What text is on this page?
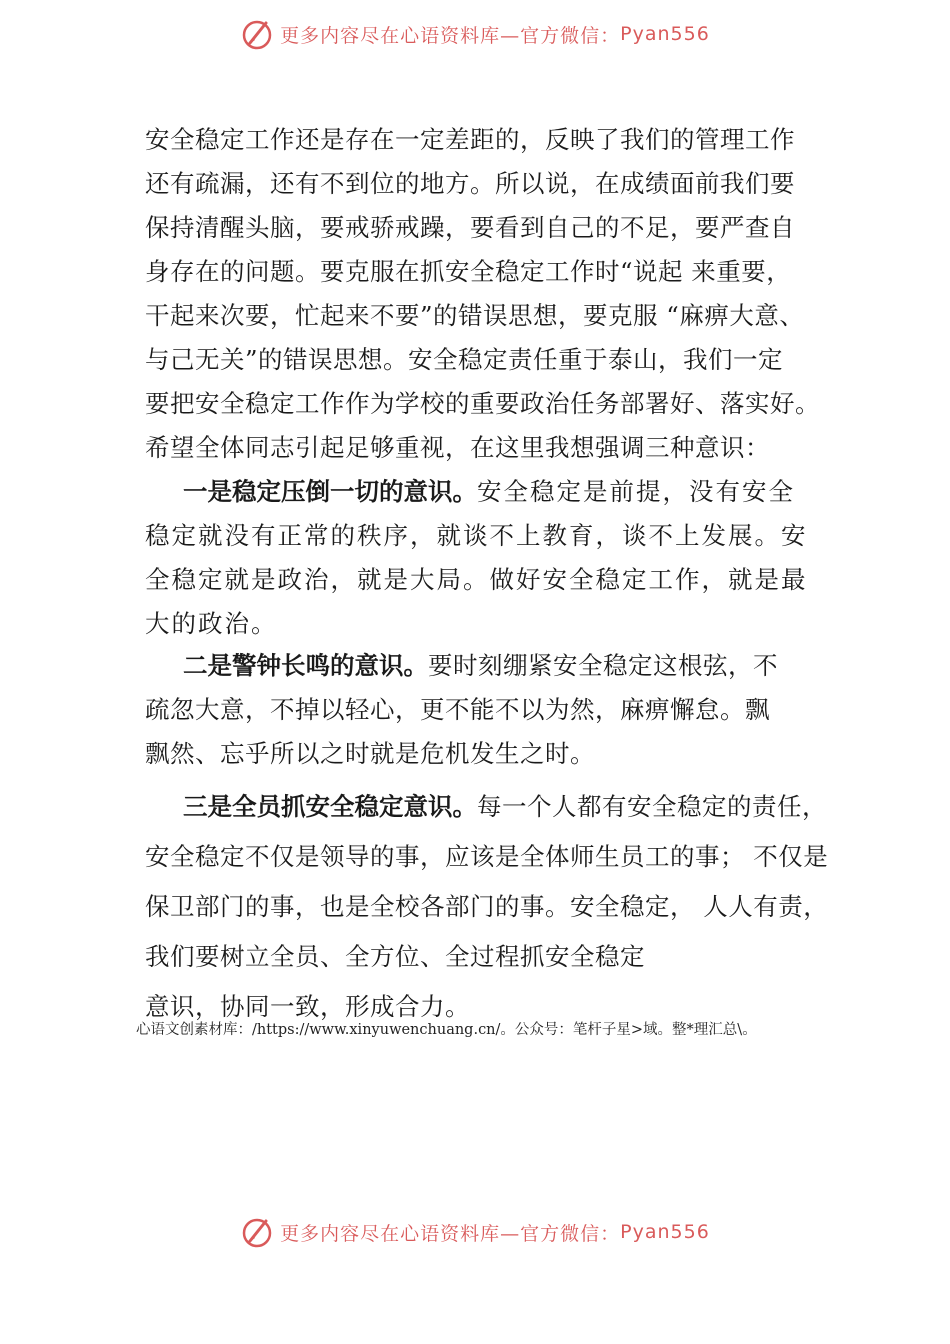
更多内容尽在心语资料库—官方微信： Pyan556
安全稳定工作还是存在一定差距的，反映了我们的管理工作
还有疏漏，还有不到位的地方。所以说，在成绩面前我们要
保持清醒头脑，要戒骄戒躁，要看到自己的不足，要严查自
身存在的问题。要克服在抓安全稳定工作时“说起 来重要，
干起来次要，忙起来不要”的错误思想，要克服 “麻痹大意、
与己无关”的错误思想。安全稳定责任重于泰山，我们一定
要把安全稳定工作作为学校的重要政治任务部署好、落实好。
希望全体同志引起足够重视，在这里我想强调三种意识：
一是稳定压倒一切的意识。安全稳定是前提，没有安全
稳定就没有正常的秩序，就谈不上教育，谈不上发展。安
全稳定就是政治，就是大局。做好安全稳定工作，就是最
大的政治。
二是警钟长鸣的意识。要时刻绷紧安全稳定这根弦，不
疏忽大意，不掉以轻心，更不能不以为然，麻痹懈怠。飘
飘然、忘乎所以之时就是危机发生之时。
三是全员抓安全稳定意识。每一个人都有安全稳定的责任，
安全稳定不仅是领导的事，应该是全体师生员工的事； 不仅是
保卫部门的事，也是全校各部门的事。安全稳定， 人人有责，
我们要树立全员、全方位、全过程抓安全稳定
意识，协同一致，形成合力。
心语文创素材库：/https://www.xinyuwenchuang.cn/。公众号：笔杆子星>域。整*理汇总\。
更多内容尽在心语资料库—官方微信： Pyan556
